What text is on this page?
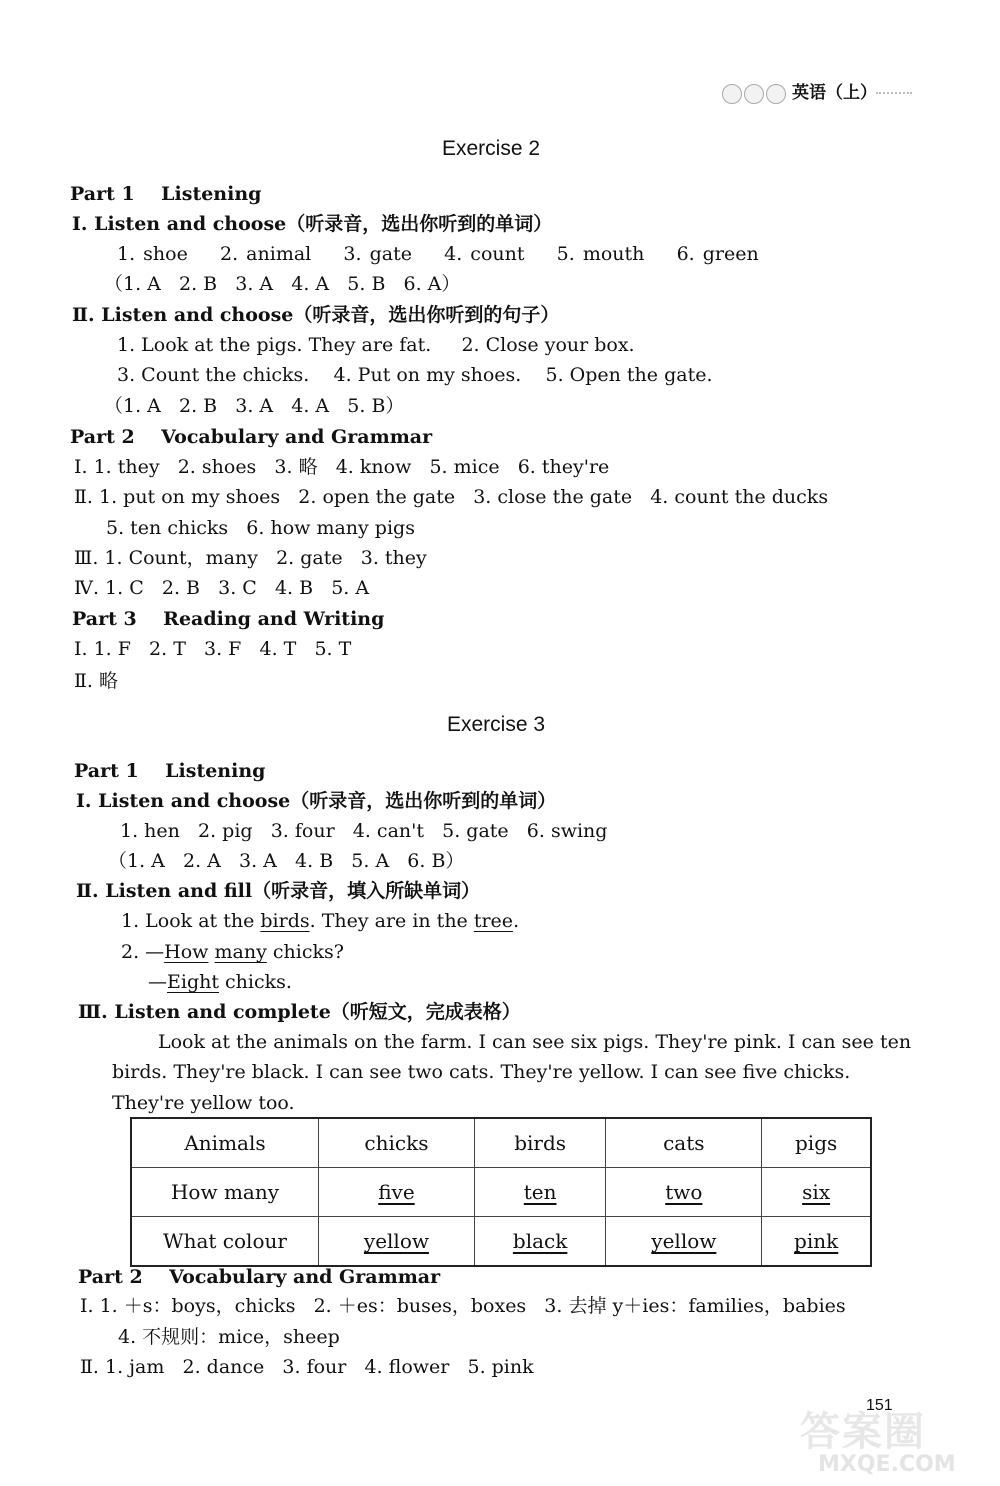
英语（上）
Exercise 2
Part 1    Listening
Ⅰ. Listen and choose（听录音，选出你听到的单词）
1. shoe 2. animal 3. gate 4. count 5. mouth 6. green
（1. A   2. B   3. A   4. A   5. B   6. A）
Ⅱ. Listen and choose（听录音，选出你听到的句子）
1. Look at the pigs. They are fat.     2. Close your box.
3. Count the chicks.    4. Put on my shoes.    5. Open the gate.
（1. A   2. B   3. A   4. A   5. B）
Part 2    Vocabulary and Grammar
Ⅰ. 1. they   2. shoes   3. 略   4. know   5. mice   6. they're
Ⅱ. 1. put on my shoes   2. open the gate   3. close the gate   4. count the ducks
5. ten chicks   6. how many pigs
Ⅲ. 1. Count，many   2. gate   3. they
Ⅳ. 1. C   2. B   3. C   4. B   5. A
Part 3    Reading and Writing
Ⅰ. 1. F   2. T   3. F   4. T   5. T
Ⅱ. 略
Exercise 3
Part 1    Listening
Ⅰ. Listen and choose（听录音，选出你听到的单词）
1. hen   2. pig   3. four   4. can't   5. gate   6. swing
（1. A   2. A   3. A   4. B   5. A   6. B）
Ⅱ. Listen and fill（听录音，填入所缺单词）
1. Look at the birds. They are in the tree.
2. —How many chicks?
—Eight chicks.
Ⅲ. Listen and complete（听短文，完成表格）
Look at the animals on the farm. I can see six pigs. They're pink. I can see ten
birds. They're black. I can see two cats. They're yellow. I can see five chicks.
They're yellow too.
Animals	chicks	birds	cats	pigs
How many	five	ten	two	six
What colour	yellow	black	yellow	pink
Part 2    Vocabulary and Grammar
Ⅰ. 1. ＋s：boys，chicks   2. ＋es：buses，boxes   3. 去掉 y＋ies：families，babies
4. 不规则：mice，sheep
Ⅱ. 1. jam   2. dance   3. four   4. flower   5. pink
答案圈
MXQE.COM
151
